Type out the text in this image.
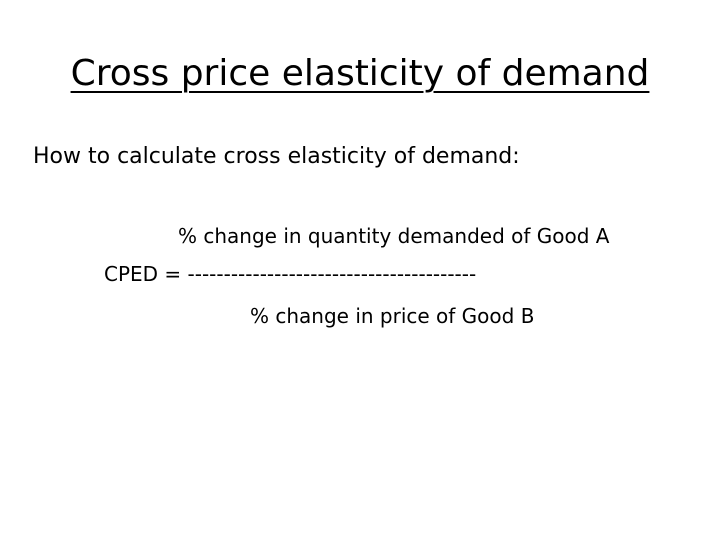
Cross price elasticity of demand
How to calculate cross elasticity of demand:
% change in quantity demanded of Good A
CPED = ----------------------------------------
% change in price of Good B
